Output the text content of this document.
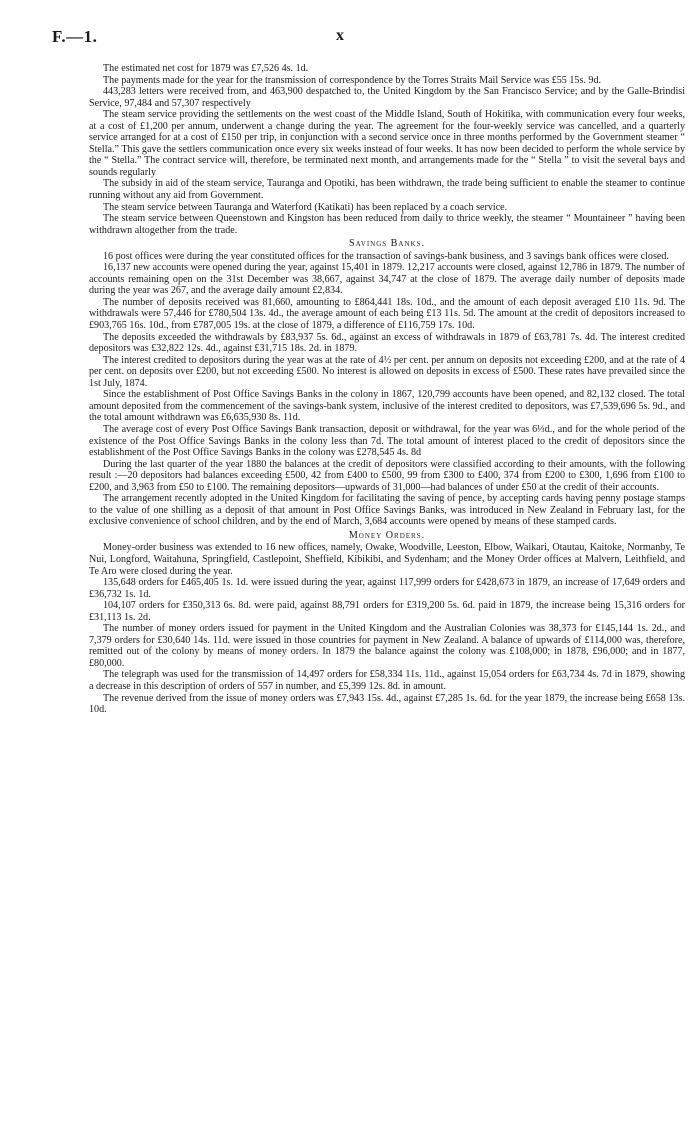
F.—1.	x

The estimated net cost for 1879 was £7,526 4s. 1d.

The payments made for the year for the transmission of correspondence by the Torres Straits Mail Service was £55 15s. 9d.

443,283 letters were received from, and 463,900 despatched to, the United Kingdom by the San Francisco Service; and by the Galle-Brindisi Service, 97,484 and 57,307 respectively

The steam service providing the settlements on the west coast of the Middle Island, South of Hokitika, with communication every four weeks, at a cost of £1,200 per annum, underwent a change during the year. The agreement for the four-weekly service was cancelled, and a quarterly service arranged for at a cost of £150 per trip, in conjunction with a second service once in three months performed by the Government steamer “ Stella.” This gave the settlers communication once every six weeks instead of four weeks. It has now been decided to perform the whole service by the “ Stella.” The contract service will, therefore, be terminated next month, and arrangements made for the “ Stella ” to visit the several bays and sounds regularly

The subsidy in aid of the steam service, Tauranga and Opotiki, has been withdrawn, the trade being sufficient to enable the steamer to continue running without any aid from Government.

The steam service between Tauranga and Waterford (Katikati) has been replaced by a coach service.

The steam service between Queenstown and Kingston has been reduced from daily to thrice weekly, the steamer “ Mountaineer ” having been withdrawn altogether from the trade.

Savings Banks.

16 post offices were during the year constituted offices for the transaction of savings-bank business, and 3 savings bank offices were closed.

16,137 new accounts were opened during the year, against 15,401 in 1879. 12,217 accounts were closed, against 12,786 in 1879. The number of accounts remaining open on the 31st December was 38,667, against 34,747 at the close of 1879. The average daily number of deposits made during the year was 267, and the average daily amount £2,834.

The number of deposits received was 81,660, amounting to £864,441 18s. 10d., and the amount of each deposit averaged £10 11s. 9d. The withdrawals were 57,446 for £780,504 13s. 4d., the average amount of each being £13 11s. 5d. The amount at the credit of depositors increased to £903,765 16s. 10d., from £787,005 19s. at the close of 1879, a difference of £116,759 17s. 10d.

The deposits exceeded the withdrawals by £83,937 5s. 6d., against an excess of withdrawals in 1879 of £63,781 7s. 4d. The interest credited depositors was £32,822 12s. 4d., against £31,715 18s. 2d. in 1879.

The interest credited to depositors during the year was at the rate of 4½ per cent. per annum on deposits not exceeding £200, and at the rate of 4 per cent. on deposits over £200, but not exceeding £500. No interest is allowed on deposits in excess of £500. These rates have prevailed since the 1st July, 1874.

Since the establishment of Post Office Savings Banks in the colony in 1867, 120,799 accounts have been opened, and 82,132 closed. The total amount deposited from the commencement of the savings-bank system, inclusive of the interest credited to depositors, was £7,539,696 5s. 9d., and the total amount withdrawn was £6,635,930 8s. 11d.

The average cost of every Post Office Savings Bank transaction, deposit or withdrawal, for the year was 6⅓d., and for the whole period of the existence of the Post Office Savings Banks in the colony less than 7d. The total amount of interest placed to the credit of depositors since the establishment of the Post Office Savings Banks in the colony was £278,545 4s. 8d

During the last quarter of the year 1880 the balances at the credit of depositors were classified according to their amounts, with the following result :—20 depositors had balances exceeding £500, 42 from £400 to £500, 99 from £300 to £400, 374 from £200 to £300, 1,696 from £100 to £200, and 3,963 from £50 to £100. The remaining depositors—upwards of 31,000—had balances of under £50 at the credit of their accounts.

The arrangement recently adopted in the United Kingdom for facilitating the saving of pence, by accepting cards having penny postage stamps to the value of one shilling as a deposit of that amount in Post Office Savings Banks, was introduced in New Zealand in February last, for the exclusive convenience of school children, and by the end of March, 3,684 accounts were opened by means of these stamped cards.

Money Orders.

Money-order business was extended to 16 new offices, namely, Owake, Woodville, Leeston, Elbow, Waikari, Otautau, Kaitoke, Normanby, Te Nui, Longford, Waitahuna, Springfield, Castlepoint, Sheffield, Kibikibi, and Sydenham; and the Money Order offices at Malvern, Leithfield, and Te Aro were closed during the year.

135,648 orders for £465,405 1s. 1d. were issued during the year, against 117,999 orders for £428,673 in 1879, an increase of 17,649 orders and £36,732 1s. 1d.

104,107 orders for £350,313 6s. 8d. were paid, against 88,791 orders for £319,200 5s. 6d. paid in 1879, the increase being 15,316 orders for £31,113 1s. 2d.

The number of money orders issued for payment in the United Kingdom and the Australian Colonies was 38,373 for £145,144 1s. 2d., and 7,379 orders for £30,640 14s. 11d. were issued in those countries for payment in New Zealand. A balance of upwards of £114,000 was, therefore, remitted out of the colony by means of money orders. In 1879 the balance against the colony was £108,000; in 1878, £96,000; and in 1877, £80,000.

The telegraph was used for the transmission of 14,497 orders for £58,334 11s. 11d., against 15,054 orders for £63,734 4s. 7d in 1879, showing a decrease in this description of orders of 557 in number, and £5,399 12s. 8d. in amount.

The revenue derived from the issue of money orders was £7,943 15s. 4d., against £7,285 1s. 6d. for the year 1879, the increase being £658 13s. 10d.
